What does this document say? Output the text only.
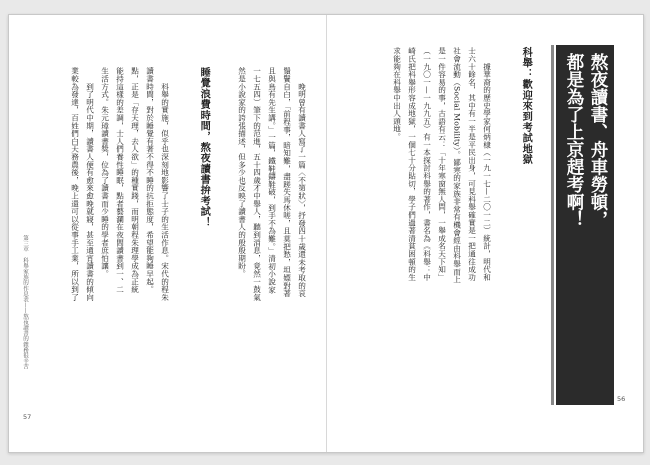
熬夜讀書、舟車勞頓，
都是為了上京趕考啊！
科舉：歡迎來到考試地獄
　　據華裔的歷史學家何炳棣（一九一七—二〇一二）統計，明代和
士六十餘名，其中有一半是平民出身，可見科舉確實是一把通往成功
社會流動（Social Mobility）。鄙寒的家族非常有機會經由科舉而上
是一件容易的事，古語有云：「十年寒窗無人問，一舉成名天下知」
（一九〇一—一九九五）有一本探討科舉的著作，書名為《科舉：中
崎氏把科舉形容成地獄，一個七十分貼切，學子們過著清貧困頓的生
求能夠在科舉中出人頭地。
56
　　晚明曾有讀書人寫了一篇〈不第狀〉，抒發四十歲還未考取的哀
鬚鬢自白，「前程事，暗知難，盡蹉失馬休嗟，且莫把愁，坦嫖對著
且與鳥有先生講。」一篇，鐵鞋鑄鞋破，到手不為難。」清初小說家
一七五四）筆下的范進，五十四歲才中舉人，聽到消息，竟然一鼓氣
然是小說家的誇張描述，但多少也反映了讀書人的殷殷期盼。
睡覺浪費時間，熬夜讀書拚考試！
　　科舉的實施，似乎也深刻地影響了士子的生活作息。宋代的程朱
讀書時間，對於睡覺有著不得不睡的抗拒態度，希望能夠睡早起。
點，正是「存天理，去人欲」的種實踐，而明朝程朱理學成為正統
能持這樣的差調，士人們養性睡眠，點者藝瀾在夜間讀書到一、二
生活方式。朱元璋讀書獎，位為了讀書而少睡的學者庶怕讓。
　　到了明代中期，讀書人便有愈來愈晚就寢，甚至通宵讀書的傾向
業較為發達，百姓們白天務農後，晚上還可以從事手工業，所以到了
第三章　科舉家族的作息表——熬夜讀書的雜務很辛苦
57
